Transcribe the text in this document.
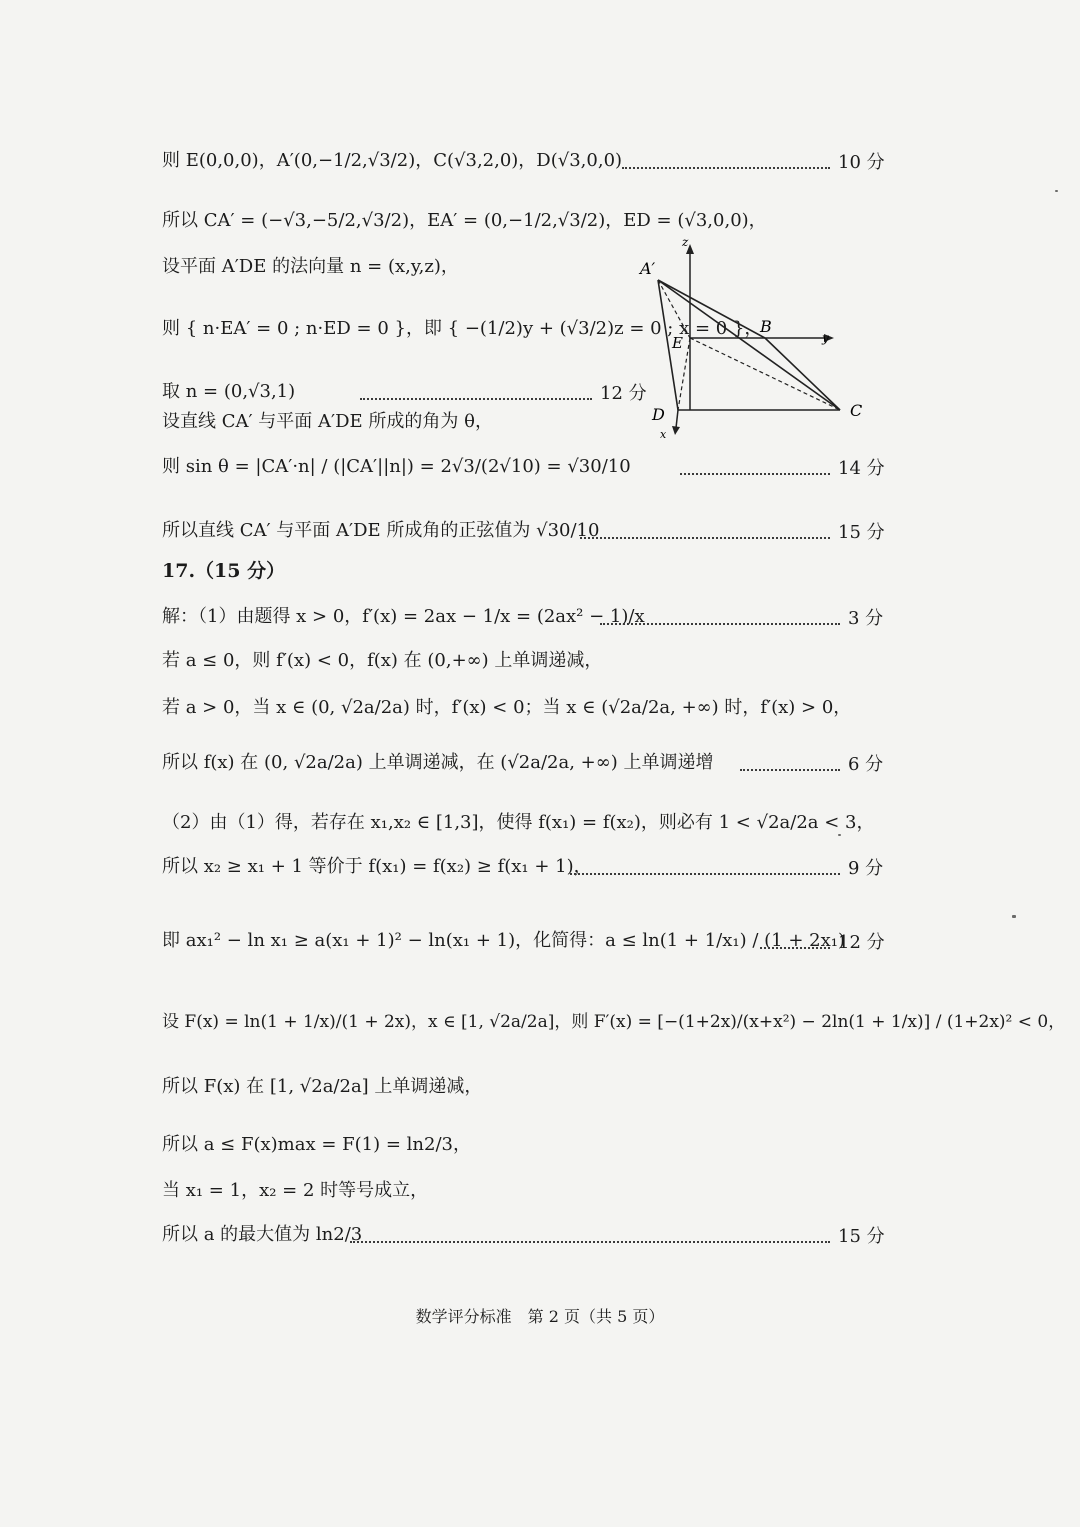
则 E(0,0,0)，A′(0,−1/2,√3/2)，C(√3,2,0)，D(√3,0,0)	10 分
所以 CA′ = (−√3,−5/2,√3/2)，EA′ = (0,−1/2,√3/2)，ED = (√3,0,0)，
设平面 A′DE 的法向量 n = (x,y,z)，
则 { n·EA′ = 0 ; n·ED = 0 }，即 { −(1/2)y + (√3/2)z = 0 ; x = 0 }，
取 n = (0,√3,1)	12 分
设直线 CA′ 与平面 A′DE 所成的角为 θ，
则 sin θ = |CA′·n| / (|CA′||n|) = 2√3/(2√10) = √30/10	14 分
所以直线 CA′ 与平面 A′DE 所成角的正弦值为 √30/10	15 分
17.（15 分）
解：（1）由题得 x > 0，f′(x) = 2ax − 1/x = (2ax² − 1)/x	3 分
若 a ≤ 0，则 f′(x) < 0，f(x) 在 (0,+∞) 上单调递减，
若 a > 0，当 x ∈ (0, √2a/2a) 时，f′(x) < 0；当 x ∈ (√2a/2a, +∞) 时，f′(x) > 0，
所以 f(x) 在 (0, √2a/2a) 上单调递减，在 (√2a/2a, +∞) 上单调递增	6 分
（2）由（1）得，若存在 x₁,x₂ ∈ [1,3]，使得 f(x₁) = f(x₂)，则必有 1 < √2a/2a < 3，
所以 x₂ ≥ x₁ + 1 等价于 f(x₁) = f(x₂) ≥ f(x₁ + 1)，	9 分
即 ax₁² − ln x₁ ≥ a(x₁ + 1)² − ln(x₁ + 1)，化简得：a ≤ ln(1 + 1/x₁) / (1 + 2x₁)
12 分
设 F(x) = ln(1 + 1/x)/(1 + 2x)，x ∈ [1, √2a/2a]，则 F′(x) = [−(1+2x)/(x+x²) − 2ln(1 + 1/x)] / (1+2x)² < 0，
所以 F(x) 在 [1, √2a/2a] 上单调递减，
所以 a ≤ F(x)max = F(1) = ln2/3，
当 x₁ = 1，x₂ = 2 时等号成立，
所以 a 的最大值为 ln2/3	15 分
A′
z
E
B
y
D	C
x
数学评分标准　第 2 页（共 5 页）
